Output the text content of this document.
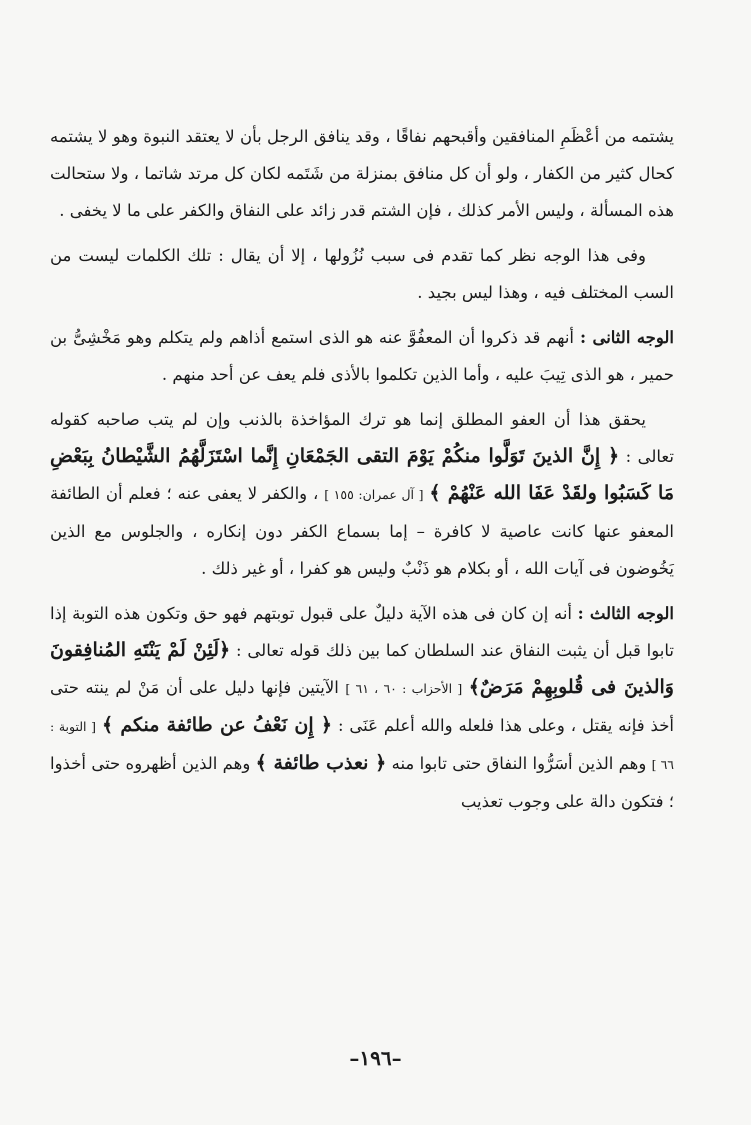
يشتمه من أعْظَمِ المنافقين وأقبحهم نفاقًا ، وقد ينافق الرجل بأن لا يعتقد النبوة وهو لا يشتمه كحال كثير من الكفار ، ولو أن كل منافق بمنزلة من شَتَمه لكان كل مرتد شاتما ، ولا ستحالت هذه المسألة ، وليس الأمر كذلك ، فإن الشتم قدر زائد على النفاق والكفر على ما لا يخفى .

وفى هذا الوجه نظر كما تقدم فى سبب نُزُولها ، إلا أن يقال : تلك الكلمات ليست من السب المختلف فيه ، وهذا ليس بجيد .

الوجه الثانى : أنهم قد ذكروا أن المعفُوَّ عنه هو الذى استمع أذاهم ولم يتكلم وهو مَخْشِىُّ بن حمير ، هو الذى تِيبَ عليه ، وأما الذين تكلموا بالأذى فلم يعف عن أحد منهم .

يحقق هذا أن العفو المطلق إنما هو ترك المؤاخذة بالذنب وإن لم يتب صاحبه كقوله تعالى : ﴿ إِنَّ الذينَ تَوَلَّوا منكُمْ يَوْمَ التقى الجَمْعَانِ إِنَّما اسْتَزَلَّهُمُ الشَّيْطانُ بِبَعْضِ مَا كَسَبُوا ولقَدْ عَفَا الله عَنْهُمْ ﴾ [ آل عمران: ١٥٥ ] ، والكفر لا يعفى عنه ؛ فعلم أن الطائفة المعفو عنها كانت عاصية لا كافرة – إما بسماع الكفر دون إنكاره ، والجلوس مع الذين يَخُوضون فى آيات الله ، أو بكلام هو ذَنْبٌ وليس هو كفرا ، أو غير ذلك .

الوجه الثالث : أنه إن كان فى هذه الآية دليلٌ على قبول توبتهم فهو حق وتكون هذه التوبة إذا تابوا قبل أن يثبت النفاق عند السلطان كما بين ذلك قوله تعالى : ﴿لَئِنْ لَمْ يَنْتَهِ المُنافِقونَ وَالذينَ فى قُلوبِهِمْ مَرَضٌ﴾ [ الأحزاب : ٦٠ ، ٦١ ] الآيتين فإنها دليل على أن مَنْ لم ينته حتى أخذ فإنه يقتل ، وعلى هذا فلعله والله أعلم عَنَى : ﴿ إِن نَعْفُ عن طائفة منكم ﴾ [ التوبة : ٦٦ ] وهم الذين أسَرُّوا النفاق حتى تابوا منه ﴿ نعذب طائفة ﴾ وهم الذين أظهروه حتى أخذوا ؛ فتكون دالة على وجوب تعذيب

–١٩٦–
